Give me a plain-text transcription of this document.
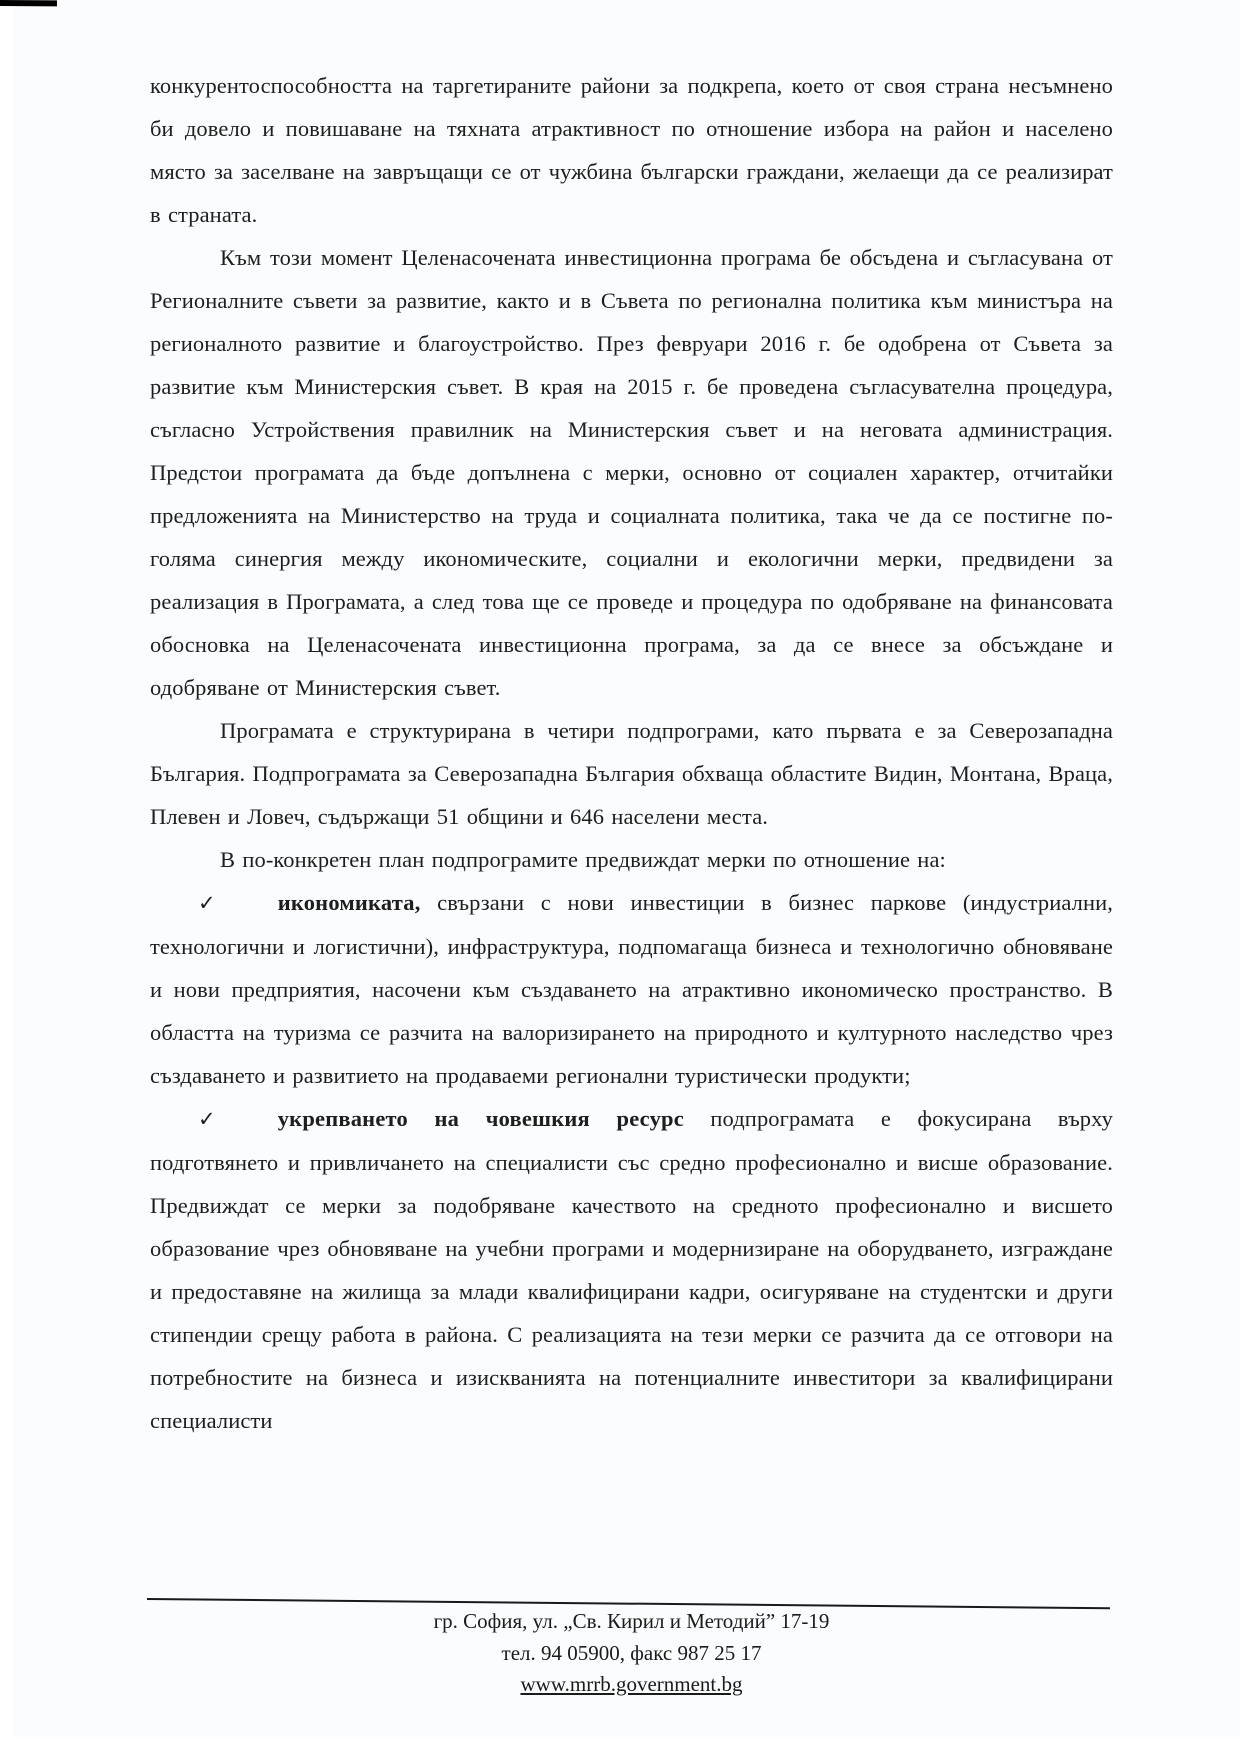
конкурентоспособността на таргетираните райони за подкрепа, което от своя страна несъмнено би довело и повишаване на тяхната атрактивност по отношение избора на район и населено място за заселване на завръщащи се от чужбина български граждани, желаещи да се реализират в страната.

Към този момент Целенасочената инвестиционна програма бе обсъдена и съгласувана от Регионалните съвети за развитие, както и в Съвета по регионална политика към министъра на регионалното развитие и благоустройство. През февруари 2016 г. бе одобрена от Съвета за развитие към Министерския съвет. В края на 2015 г. бе проведена съгласувателна процедура, съгласно Устройствения правилник на Министерския съвет и на неговата администрация. Предстои програмата да бъде допълнена с мерки, основно от социален характер, отчитайки предложенията на Министерство на труда и социалната политика, така че да се постигне по-голяма синергия между икономическите, социални и екологични мерки, предвидени за реализация в Програмата, а след това ще се проведе и процедура по одобряване на финансовата обосновка на Целенасочената инвестиционна програма, за да се внесе за обсъждане и одобряване от Министерския съвет.

Програмата е структурирана в четири подпрограми, като първата е за Северозападна България. Подпрограмата за Северозападна България обхваща областите Видин, Монтана, Враца, Плевен и Ловеч, съдържащи 51 общини и 646 населени места.

В по-конкретен план подпрограмите предвиждат мерки по отношение на:

✓	икономиката, свързани с нови инвестиции в бизнес паркове (индустриални, технологични и логистични), инфраструктура, подпомагаща бизнеса и технологично обновяване и нови предприятия, насочени към създаването на атрактивно икономическо пространство. В областта на туризма се разчита на валоризирането на природното и културното наследство чрез създаването и развитието на продаваеми регионални туристически продукти;

✓	укрепването на човешкия ресурс подпрограмата е фокусирана върху подготвянето и привличането на специалисти със средно професионално и висше образование. Предвиждат се мерки за подобряване качеството на средното професионално и висшето образование чрез обновяване на учебни програми и модернизиране на оборудването, изграждане и предоставяне на жилища за млади квалифицирани кадри, осигуряване на студентски и други стипендии срещу работа в района. С реализацията на тези мерки се разчита да се отговори на потребностите на бизнеса и изискванията на потенциалните инвеститори за квалифицирани специалисти

гр. София, ул. „Св. Кирил и Методий” 17-19
тел. 94 05900, факс 987 25 17
www.mrrb.government.bg
